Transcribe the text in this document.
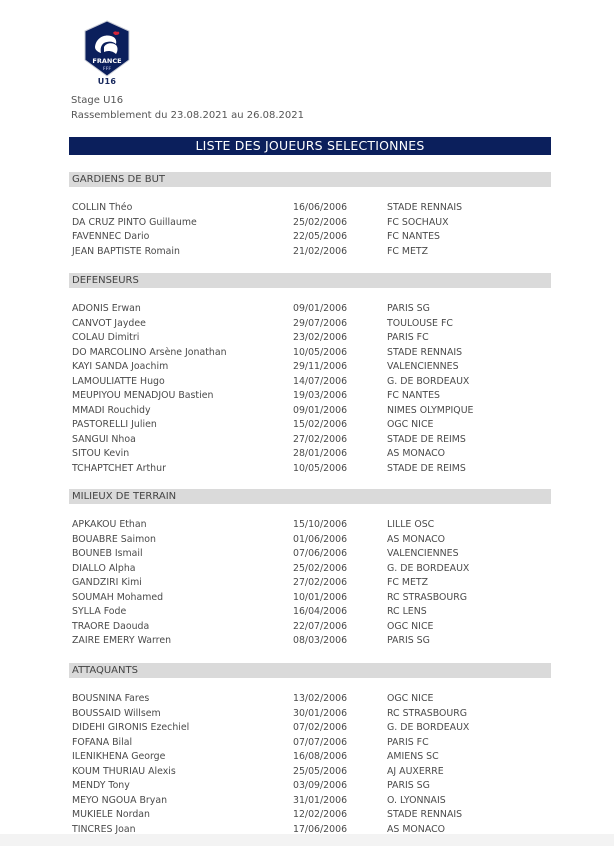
FRANCE
FFF
U16
Stage U16
Rassemblement du 23.08.2021 au 26.08.2021
LISTE DES JOUEURS SELECTIONNES
GARDIENS DE BUT
COLLIN Théo	16/06/2006	STADE RENNAIS
DA CRUZ PINTO Guillaume	25/02/2006	FC SOCHAUX
FAVENNEC Dario	22/05/2006	FC NANTES
JEAN BAPTISTE Romain	21/02/2006	FC METZ
DEFENSEURS
ADONIS Erwan	09/01/2006	PARIS SG
CANVOT Jaydee	29/07/2006	TOULOUSE FC
COLAU Dimitri	23/02/2006	PARIS FC
DO MARCOLINO Arsène Jonathan	10/05/2006	STADE RENNAIS
KAYI SANDA Joachim	29/11/2006	VALENCIENNES
LAMOULIATTE Hugo	14/07/2006	G. DE BORDEAUX
MEUPIYOU MENADJOU Bastien	19/03/2006	FC NANTES
MMADI Rouchidy	09/01/2006	NIMES OLYMPIQUE
PASTORELLI Julien	15/02/2006	OGC NICE
SANGUI Nhoa	27/02/2006	STADE DE REIMS
SITOU Kevin	28/01/2006	AS MONACO
TCHAPTCHET Arthur	10/05/2006	STADE DE REIMS
MILIEUX DE TERRAIN
APKAKOU Ethan	15/10/2006	LILLE OSC
BOUABRE Saimon	01/06/2006	AS MONACO
BOUNEB Ismail	07/06/2006	VALENCIENNES
DIALLO Alpha	25/02/2006	G. DE BORDEAUX
GANDZIRI Kimi	27/02/2006	FC METZ
SOUMAH Mohamed	10/01/2006	RC STRASBOURG
SYLLA Fode	16/04/2006	RC LENS
TRAORE Daouda	22/07/2006	OGC NICE
ZAIRE EMERY Warren	08/03/2006	PARIS SG
ATTAQUANTS
BOUSNINA Fares	13/02/2006	OGC NICE
BOUSSAID Willsem	30/01/2006	RC STRASBOURG
DIDEHI GIRONIS Ezechiel	07/02/2006	G. DE BORDEAUX
FOFANA Bilal	07/07/2006	PARIS FC
ILENIKHENA George	16/08/2006	AMIENS SC
KOUM THURIAU Alexis	25/05/2006	AJ AUXERRE
MENDY Tony	03/09/2006	PARIS SG
MEYO NGOUA Bryan	31/01/2006	O. LYONNAIS
MUKIELE Nordan	12/02/2006	STADE RENNAIS
TINCRES Joan	17/06/2006	AS MONACO
